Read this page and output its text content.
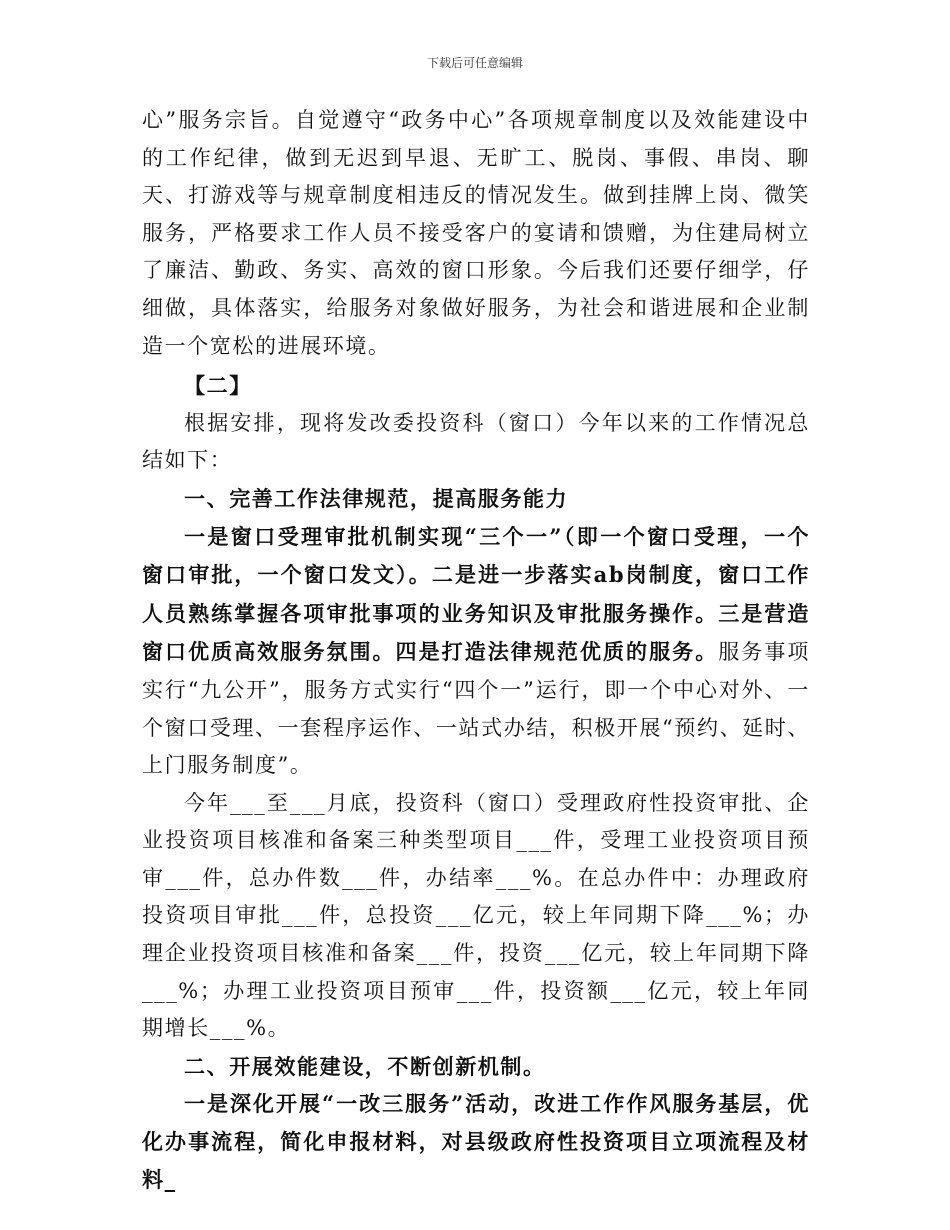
下载后可任意编辑

心”服务宗旨。自觉遵守“政务中心”各项规章制度以及效能建设中的工作纪律，做到无迟到早退、无旷工、脱岗、事假、串岗、聊天、打游戏等与规章制度相违反的情况发生。做到挂牌上岗、微笑服务，严格要求工作人员不接受客户的宴请和馈赠，为住建局树立了廉洁、勤政、务实、高效的窗口形象。今后我们还要仔细学，仔细做，具体落实，给服务对象做好服务，为社会和谐进展和企业制造一个宽松的进展环境。

【二】

根据安排，现将发改委投资科（窗口）今年以来的工作情况总结如下：

一、完善工作法律规范，提高服务能力

一是窗口受理审批机制实现“三个一”（即一个窗口受理，一个窗口审批，一个窗口发文）。二是进一步落实ab岗制度，窗口工作人员熟练掌握各项审批事项的业务知识及审批服务操作。三是营造窗口优质高效服务氛围。四是打造法律规范优质的服务。服务事项实行“九公开”，服务方式实行“四个一”运行，即一个中心对外、一个窗口受理、一套程序运作、一站式办结，积极开展“预约、延时、上门服务制度”。

今年___至___月底，投资科（窗口）受理政府性投资审批、企业投资项目核准和备案三种类型项目___件，受理工业投资项目预审___件，总办件数___件，办结率___%。在总办件中：办理政府投资项目审批___件，总投资___亿元，较上年同期下降___%；办理企业投资项目核准和备案___件，投资___亿元，较上年同期下降___%；办理工业投资项目预审___件，投资额___亿元，较上年同期增长___%。

二、开展效能建设，不断创新机制。

一是深化开展“一改三服务”活动，改进工作作风服务基层，优化办事流程，简化申报材料，对县级政府性投资项目立项流程及材料_
